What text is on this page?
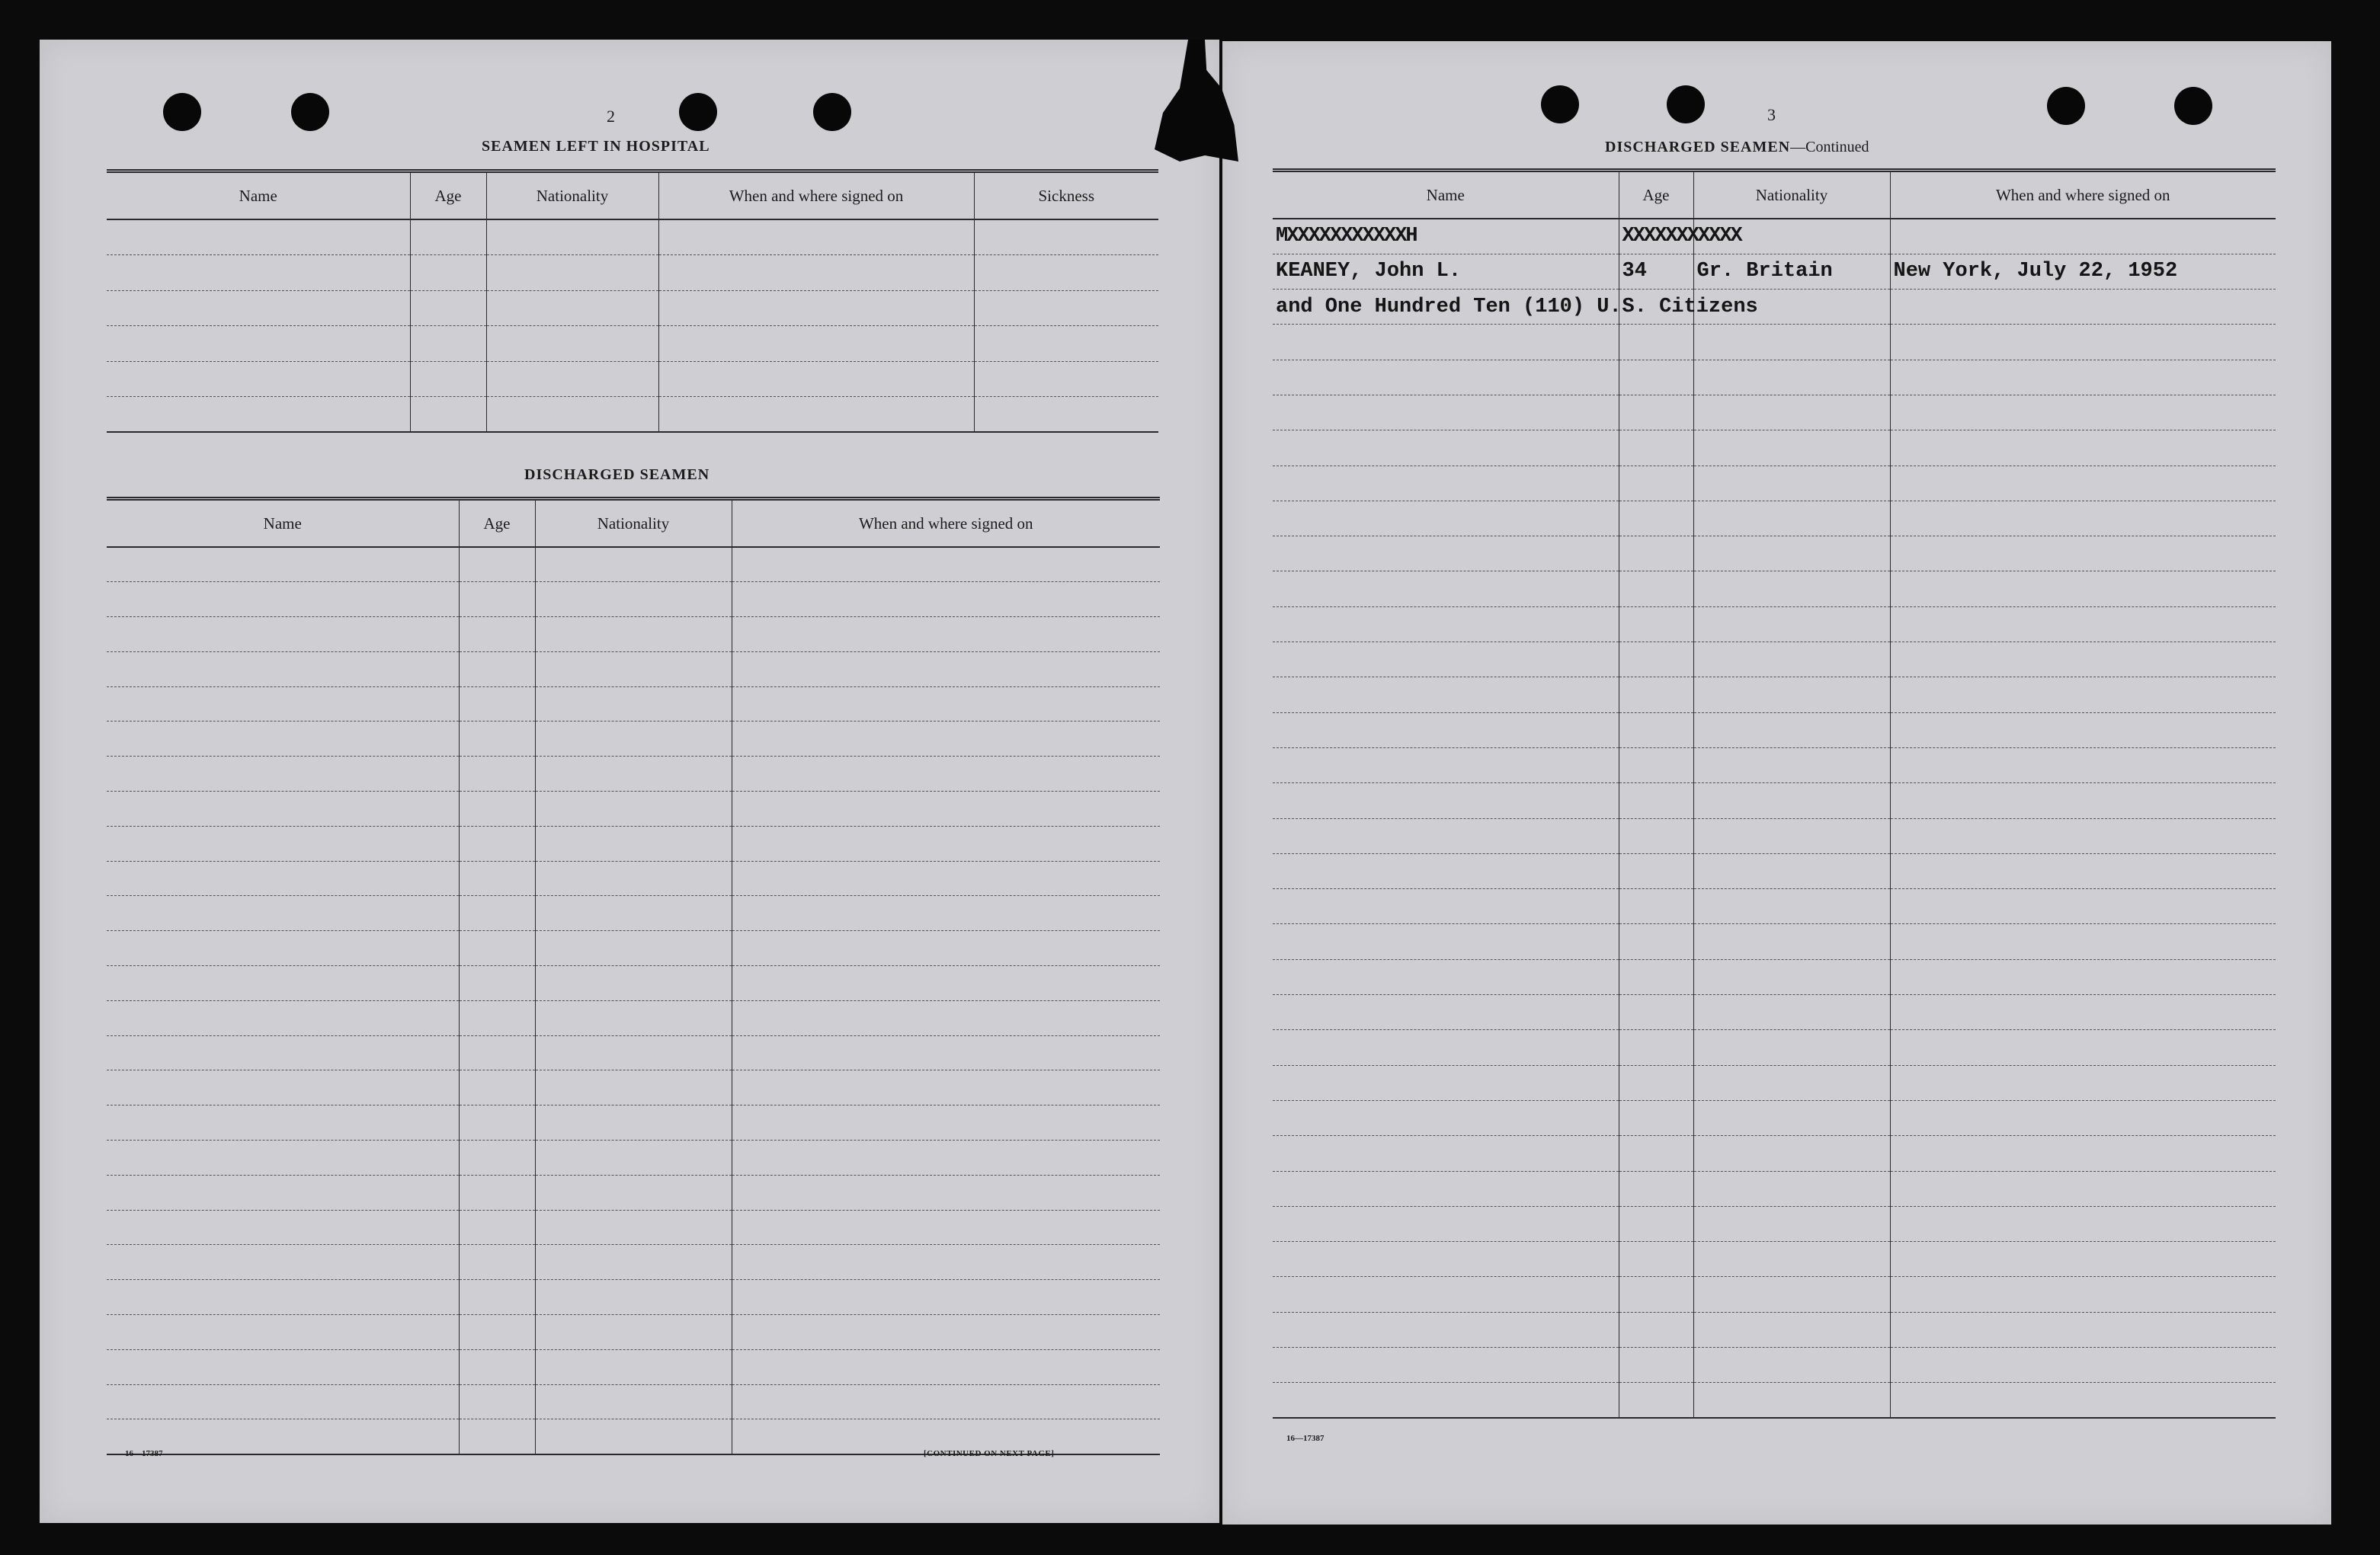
2
SEAMEN LEFT IN HOSPITAL
Name	Age	Nationality	When and where signed on	Sickness

DISCHARGED SEAMEN
Name	Age	Nationality	When and where signed on

16—17387	[CONTINUED ON NEXT PAGE]
3
DISCHARGED SEAMEN—Continued
Name	Age	Nationality	When and where signed on
MXXXXXXXXXXXH	XXXXXXXXXXX		
KEANEY, John L.	34	Gr. Britain	New York, July 22, 1952
and One Hundred Ten (110) U.	S. Citizens		

16—17387
